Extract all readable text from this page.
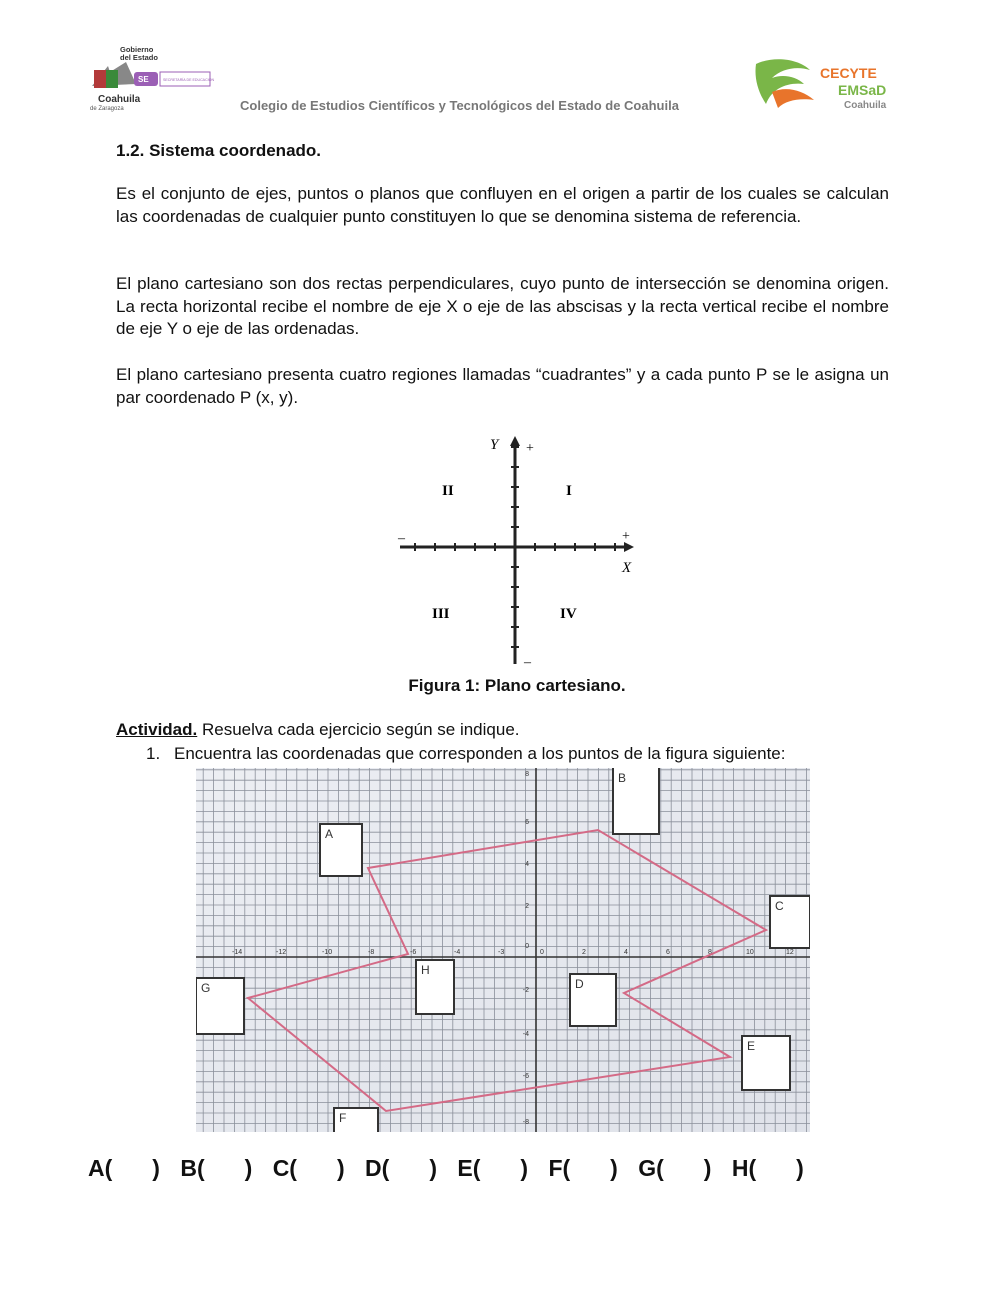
Gobierno
del Estado
SE	SECRETARÍA DE EDUCACIÓN
Coahuila
de Zaragoza	Colegio de Estudios Científicos y Tecnológicos del Estado de Coahuila
CECYTE
EMSaD
Coahuila
1.2. Sistema coordenado.
Es el conjunto de ejes, puntos o planos que confluyen en el origen a partir de los cuales se calculan las coordenadas de cualquier punto constituyen lo que se denomina sistema de referencia.
El plano cartesiano son dos rectas perpendiculares, cuyo punto de intersección se denomina origen. La recta horizontal recibe el nombre de eje X o eje de las abscisas y la recta vertical recibe el nombre de eje Y o eje de las ordenadas.
El plano cartesiano presenta cuatro regiones llamadas “cuadrantes” y a cada punto P se le asigna un par coordenado P (x, y).
Y +
–
–	+
X
I
II
III	IV
Figura 1: Plano cartesiano.
Actividad. Resuelva cada ejercicio según se indique.
1. Encuentra las coordenadas que corresponden a los puntos de la figura siguiente:
-14	-12	-10	-8	-6	-4	-3	0	2	4	6	8	10	12
8
6
4
2
0
-2
-4
-6
-8
A
B
C
D
E
F
G
H
A( ) B( ) C( ) D( ) E( ) F( ) G( ) H( )
